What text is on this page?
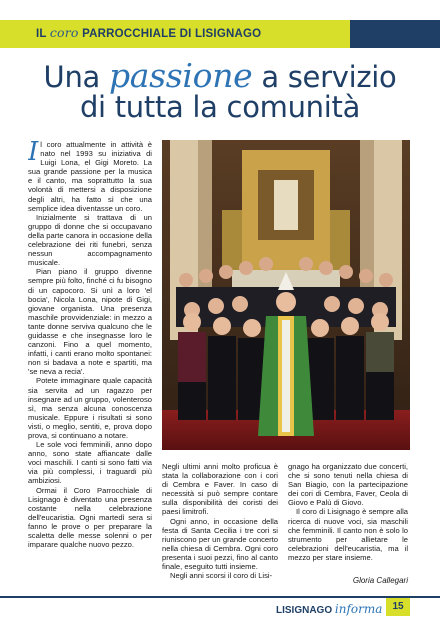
IL coro PARROCCHIALE DI LISIGNAGO
Una passione a servizio
di tutta la comunità

Il coro attualmente in attività è nato nel 1993 su iniziativa di Luigi Lona, el Gigi Moreto. La sua grande passione per la musica e il canto, ma soprattutto la sua volontà di mettersi a disposizione degli altri, ha fatto sì che una semplice idea diventasse un coro.

Inizialmente si trattava di un gruppo di donne che si occupavano della parte canora in occasione della celebrazione dei riti funebri, senza nessun accompagnamento musicale.

Pian piano il gruppo divenne sempre più folto, finché ci fu bisogno di un capocoro. Si unì a loro 'el bocia', Nicola Lona, nipote di Gigi, giovane organista. Una presenza maschile provvidenziale: in mezzo a tante donne serviva qualcuno che le guidasse e che insegnasse loro le canzoni. Fino a quel momento, infatti, i canti erano molto spontanei: non si badava a note e spartiti, ma 'se neva a recia'.

Potete immaginare quale capacità sia servita ad un ragazzo per insegnare ad un gruppo, volenteroso sì, ma senza alcuna conoscenza musicale. Eppure i risultati si sono visti, o meglio, sentiti, e, prova dopo prova, si continuano a notare.

Le sole voci femminili, anno dopo anno, sono state affiancate dalle voci maschili. I canti si sono fatti via via più complessi, i traguardi più ambiziosi.

Ormai il Coro Parrocchiale di Lisignago è diventato una presenza costante nella celebrazione dell'eucaristia. Ogni martedì sera si fanno le prove o per preparare la scaletta delle messe solenni o per imparare qualche nuovo pezzo.

Negli ultimi anni molto proficua è stata la collaborazione con i cori di Cembra e Faver. In caso di necessità si può sempre contare sulla disponibilità dei coristi dei paesi limitrofi.

Ogni anno, in occasione della festa di Santa Cecilia i tre cori si riuniscono per un grande concerto nella chiesa di Cembra. Ogni coro presenta i suoi pezzi, fino al canto finale, eseguito tutti insieme.

Negli anni scorsi il coro di Lisi-

gnago ha organizzato due concerti, che si sono tenuti nella chiesa di San Biagio, con la partecipazione dei cori di Cembra, Faver, Ceola di Giovo e Palù di Giovo.

Il coro di Lisignago è sempre alla ricerca di nuove voci, sia maschili che femminili. Il canto non è solo lo strumento per allietare le celebrazioni dell'eucaristia, ma il mezzo per stare insieme.

Gloria Callegari
LISIGNAGO informa	15
